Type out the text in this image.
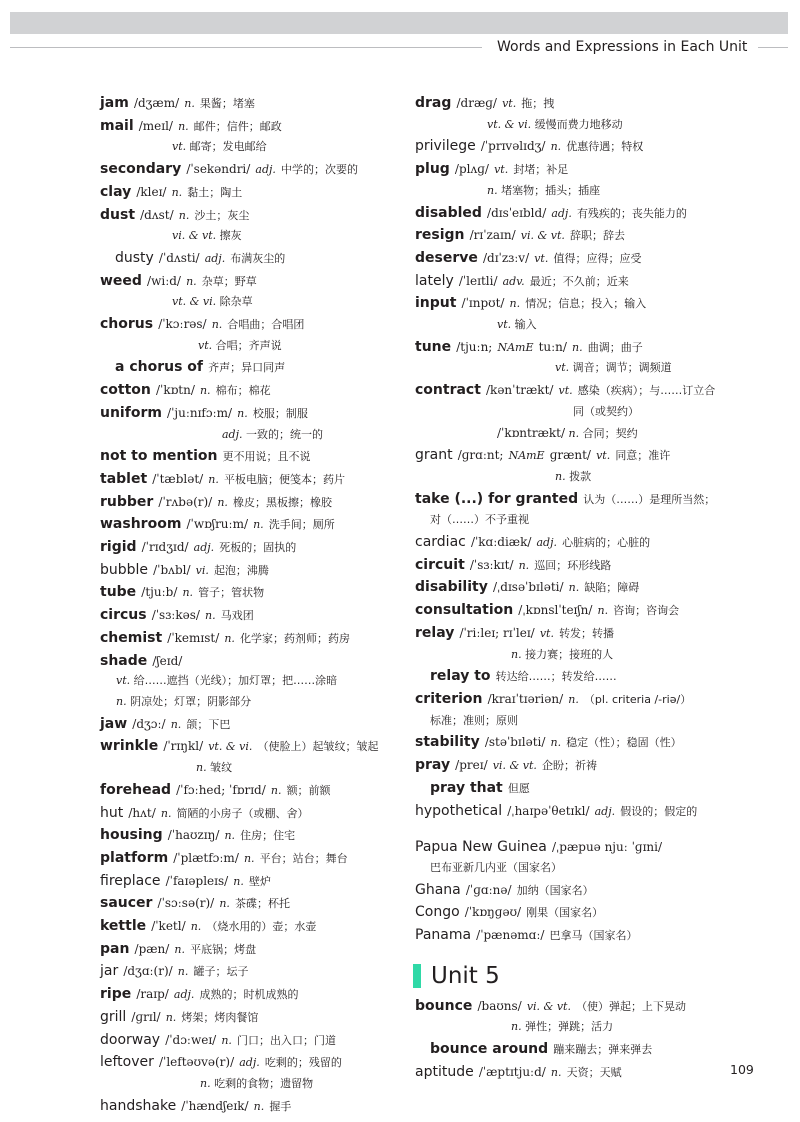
Words and Expressions in Each Unit
jam /dʒæm/ n. 果酱；堵塞
mail /meɪl/ n. 邮件；信件；邮政
vt. 邮寄；发电邮给
secondary /ˈsekəndri/ adj. 中学的；次要的
clay /kleɪ/ n. 黏土；陶土
dust /dʌst/ n. 沙土；灰尘
vi. & vt. 擦灰
dusty /ˈdʌsti/ adj. 布满灰尘的
weed /wiːd/ n. 杂草；野草
vt. & vi. 除杂草
chorus /ˈkɔːrəs/ n. 合唱曲；合唱团
vt. 合唱；齐声说
a chorus of 齐声；异口同声
cotton /ˈkɒtn/ n. 棉布；棉花
uniform /ˈjuːnɪfɔːm/ n. 校服；制服
adj. 一致的；统一的
not to mention 更不用说；且不说
tablet /ˈtæblət/ n. 平板电脑；便笺本；药片
rubber /ˈrʌbə(r)/ n. 橡皮；黑板擦；橡胶
washroom /ˈwɒʃruːm/ n. 洗手间；厕所
rigid /ˈrɪdʒɪd/ adj. 死板的；固执的
bubble /ˈbʌbl/ vi. 起泡；沸腾
tube /tjuːb/ n. 管子；管状物
circus /ˈsɜːkəs/ n. 马戏团
chemist /ˈkemɪst/ n. 化学家；药剂师；药房
shade /ʃeɪd/
vt. 给……遮挡（光线）；加灯罩；把……涂暗
n. 阴凉处；灯罩；阴影部分
jaw /dʒɔː/ n. 颌；下巴
wrinkle /ˈrɪŋkl/ vt. & vi. （使脸上）起皱纹；皱起
n. 皱纹
forehead /ˈfɔːhed; ˈfɒrɪd/ n. 额；前额
hut /hʌt/ n. 简陋的小房子（或棚、舍）
housing /ˈhaʊzɪŋ/ n. 住房；住宅
platform /ˈplætfɔːm/ n. 平台；站台；舞台
fireplace /ˈfaɪəpleɪs/ n. 壁炉
saucer /ˈsɔːsə(r)/ n. 茶碟；杯托
kettle /ˈketl/ n. （烧水用的）壶；水壶
pan /pæn/ n. 平底锅；烤盘
jar /dʒɑː(r)/ n. 罐子；坛子
ripe /raɪp/ adj. 成熟的；时机成熟的
grill /ɡrɪl/ n. 烤架；烤肉餐馆
doorway /ˈdɔːweɪ/ n. 门口；出入口；门道
leftover /ˈleftəʊvə(r)/ adj. 吃剩的；残留的
n. 吃剩的食物；遗留物
handshake /ˈhændʃeɪk/ n. 握手
drag /dræɡ/ vt. 拖；拽
vt. & vi. 缓慢而费力地移动
privilege /ˈprɪvəlɪdʒ/ n. 优惠待遇；特权
plug /plʌɡ/ vt. 封堵；补足
n. 堵塞物；插头；插座
disabled /dɪsˈeɪbld/ adj. 有残疾的；丧失能力的
resign /rɪˈzaɪn/ vi. & vt. 辞职；辞去
deserve /dɪˈzɜːv/ vt. 值得；应得；应受
lately /ˈleɪtli/ adv. 最近；不久前；近来
input /ˈɪnpʊt/ n. 情况；信息；投入；输入
vt. 输入
tune /tjuːn; NAmE tuːn/ n. 曲调；曲子
vt. 调音；调节；调频道
contract /kənˈtrækt/ vt. 感染（疾病）；与……订立合
同（或契约）
/ˈkɒntrækt/ n. 合同；契约
grant /ɡrɑːnt; NAmE ɡrænt/ vt. 同意；准许
n. 拨款
take (...) for granted 认为（……）是理所当然；
对（……）不予重视
cardiac /ˈkɑːdiæk/ adj. 心脏病的；心脏的
circuit /ˈsɜːkɪt/ n. 巡回；环形线路
disability /ˌdɪsəˈbɪləti/ n. 缺陷；障碍
consultation /ˌkɒnslˈteɪʃn/ n. 咨询；咨询会
relay /ˈriːleɪ; rɪˈleɪ/ vt. 转发；转播
n. 接力赛；接班的人
relay to 转达给……；转发给……
criterion /kraɪˈtɪəriən/ n. （pl. criteria /-riə/）
标准；准则；原则
stability /stəˈbɪləti/ n. 稳定（性）；稳固（性）
pray /preɪ/ vi. & vt. 企盼；祈祷
pray that 但愿
hypothetical /ˌhaɪpəˈθetɪkl/ adj. 假设的；假定的
Papua New Guinea /ˌpæpuə njuː ˈɡɪni/
巴布亚新几内亚（国家名）
Ghana /ˈɡɑːnə/ 加纳（国家名）
Congo /ˈkɒŋɡəʊ/ 刚果（国家名）
Panama /ˈpænəmɑː/ 巴拿马（国家名）
Unit 5
bounce /baʊns/ vi. & vt. （使）弹起；上下晃动
n. 弹性；弹跳；活力
bounce around 蹦来蹦去；弹来弹去
aptitude /ˈæptɪtjuːd/ n. 天资；天赋	109
